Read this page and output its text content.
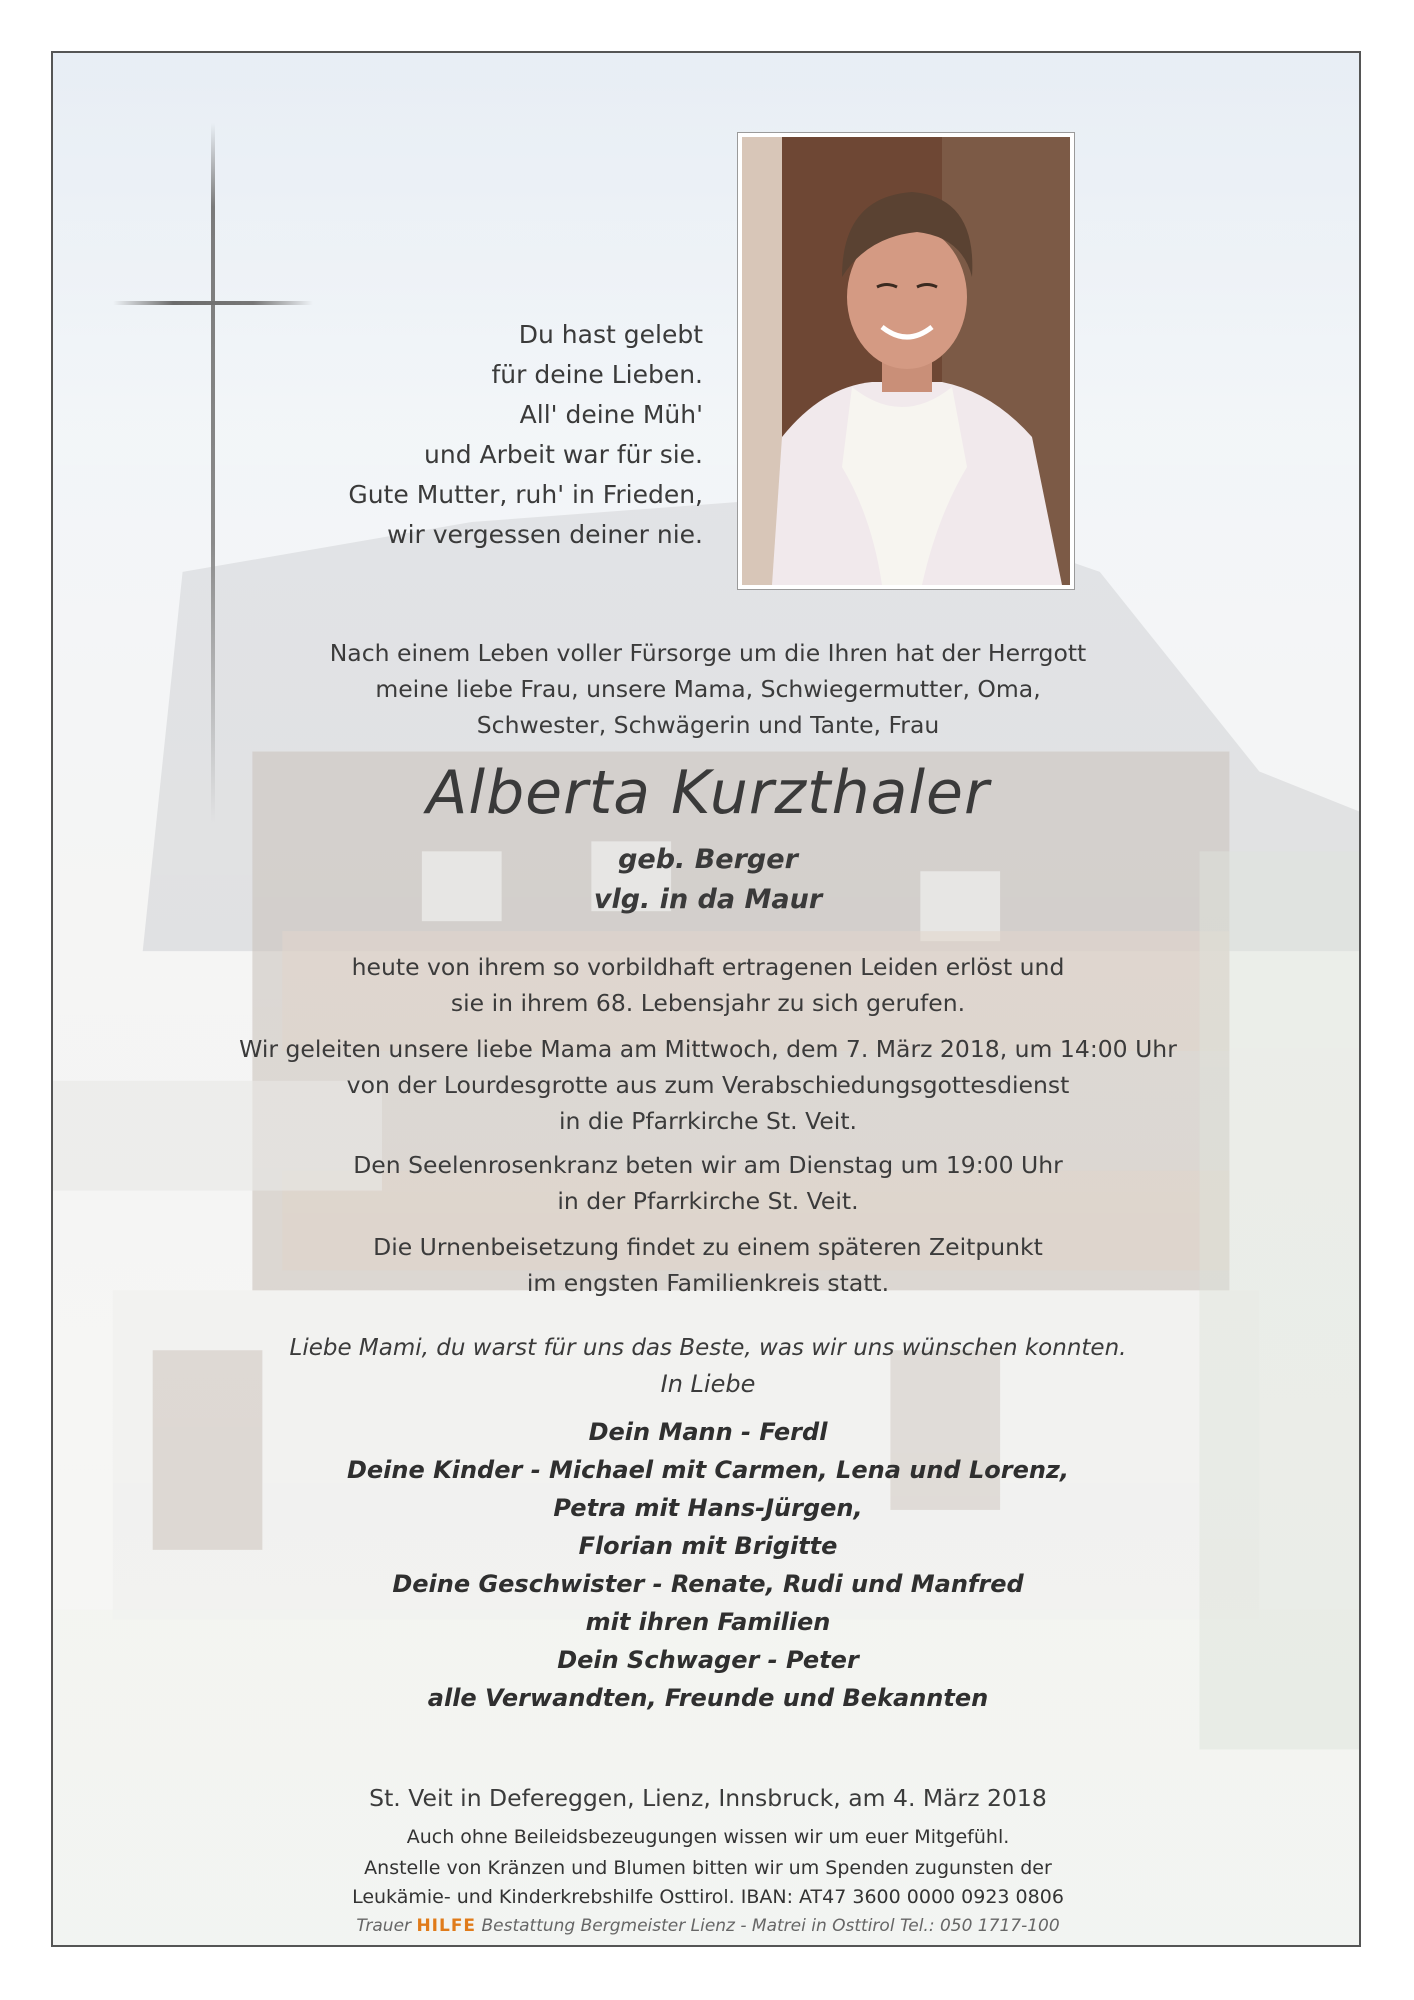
Du hast gelebt
für deine Lieben.
All' deine Müh'
und Arbeit war für sie.
Gute Mutter, ruh' in Frieden,
wir vergessen deiner nie.
Nach einem Leben voller Fürsorge um die Ihren hat der Herrgott
meine liebe Frau, unsere Mama, Schwiegermutter, Oma,
Schwester, Schwägerin und Tante, Frau
Alberta Kurzthaler
geb. Berger
vlg. in da Maur
heute von ihrem so vorbildhaft ertragenen Leiden erlöst und
sie in ihrem 68. Lebensjahr zu sich gerufen.
Wir geleiten unsere liebe Mama am Mittwoch, dem 7. März 2018, um 14:00 Uhr
von der Lourdesgrotte aus zum Verabschiedungsgottesdienst
in die Pfarrkirche St. Veit.
Den Seelenrosenkranz beten wir am Dienstag um 19:00 Uhr
in der Pfarrkirche St. Veit.
Die Urnenbeisetzung findet zu einem späteren Zeitpunkt
im engsten Familienkreis statt.
Liebe Mami, du warst für uns das Beste, was wir uns wünschen konnten.
In Liebe
Dein Mann - Ferdl
Deine Kinder - Michael mit Carmen, Lena und Lorenz,
Petra mit Hans-Jürgen,
Florian mit Brigitte
Deine Geschwister - Renate, Rudi und Manfred
mit ihren Familien
Dein Schwager - Peter
alle Verwandten, Freunde und Bekannten
St. Veit in Defereggen, Lienz, Innsbruck, am 4. März 2018
Auch ohne Beileidsbezeugungen wissen wir um euer Mitgefühl.
Anstelle von Kränzen und Blumen bitten wir um Spenden zugunsten der
Leukämie- und Kinderkrebshilfe Osttirol. IBAN: AT47 3600 0000 0923 0806
Trauer HILFE Bestattung Bergmeister Lienz - Matrei in Osttirol Tel.: 050 1717-100
